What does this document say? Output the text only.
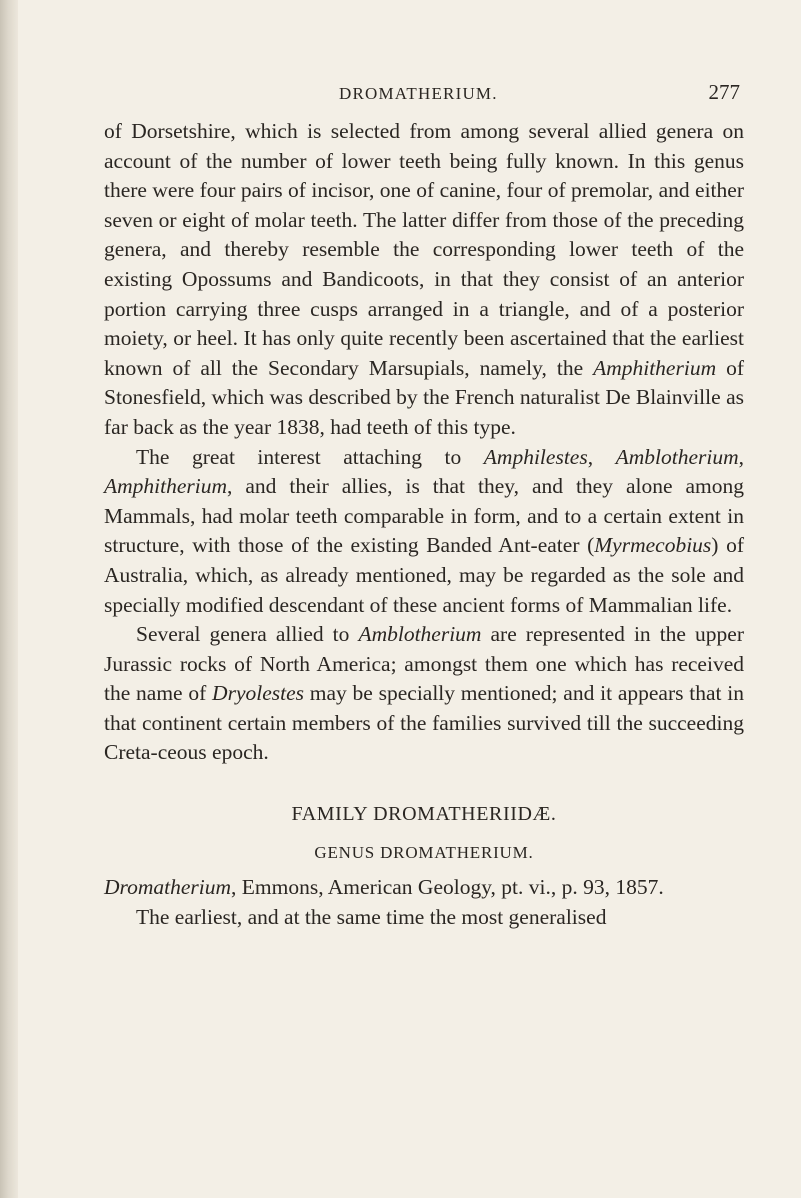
DROMATHERIUM.	277

of Dorsetshire, which is selected from among several allied genera on account of the number of lower teeth being fully known. In this genus there were four pairs of incisor, one of canine, four of premolar, and either seven or eight of molar teeth. The latter differ from those of the preceding genera, and thereby resemble the corresponding lower teeth of the existing Opossums and Bandicoots, in that they consist of an anterior portion carrying three cusps arranged in a triangle, and of a posterior moiety, or heel. It has only quite recently been ascertained that the earliest known of all the Secondary Marsupials, namely, the Amphitherium of Stonesfield, which was described by the French naturalist De Blainville as far back as the year 1838, had teeth of this type.

The great interest attaching to Amphilestes, Amblotherium, Amphitherium, and their allies, is that they, and they alone among Mammals, had molar teeth comparable in form, and to a certain extent in structure, with those of the existing Banded Ant-eater (Myrmecobius) of Australia, which, as already mentioned, may be regarded as the sole and specially modified descendant of these ancient forms of Mammalian life.

Several genera allied to Amblotherium are represented in the upper Jurassic rocks of North America; amongst them one which has received the name of Dryolestes may be specially mentioned; and it appears that in that continent certain members of the families survived till the succeeding Creta-ceous epoch.

FAMILY DROMATHERIIDÆ.

GENUS DROMATHERIUM.

Dromatherium, Emmons, American Geology, pt. vi., p. 93, 1857.

The earliest, and at the same time the most generalised
